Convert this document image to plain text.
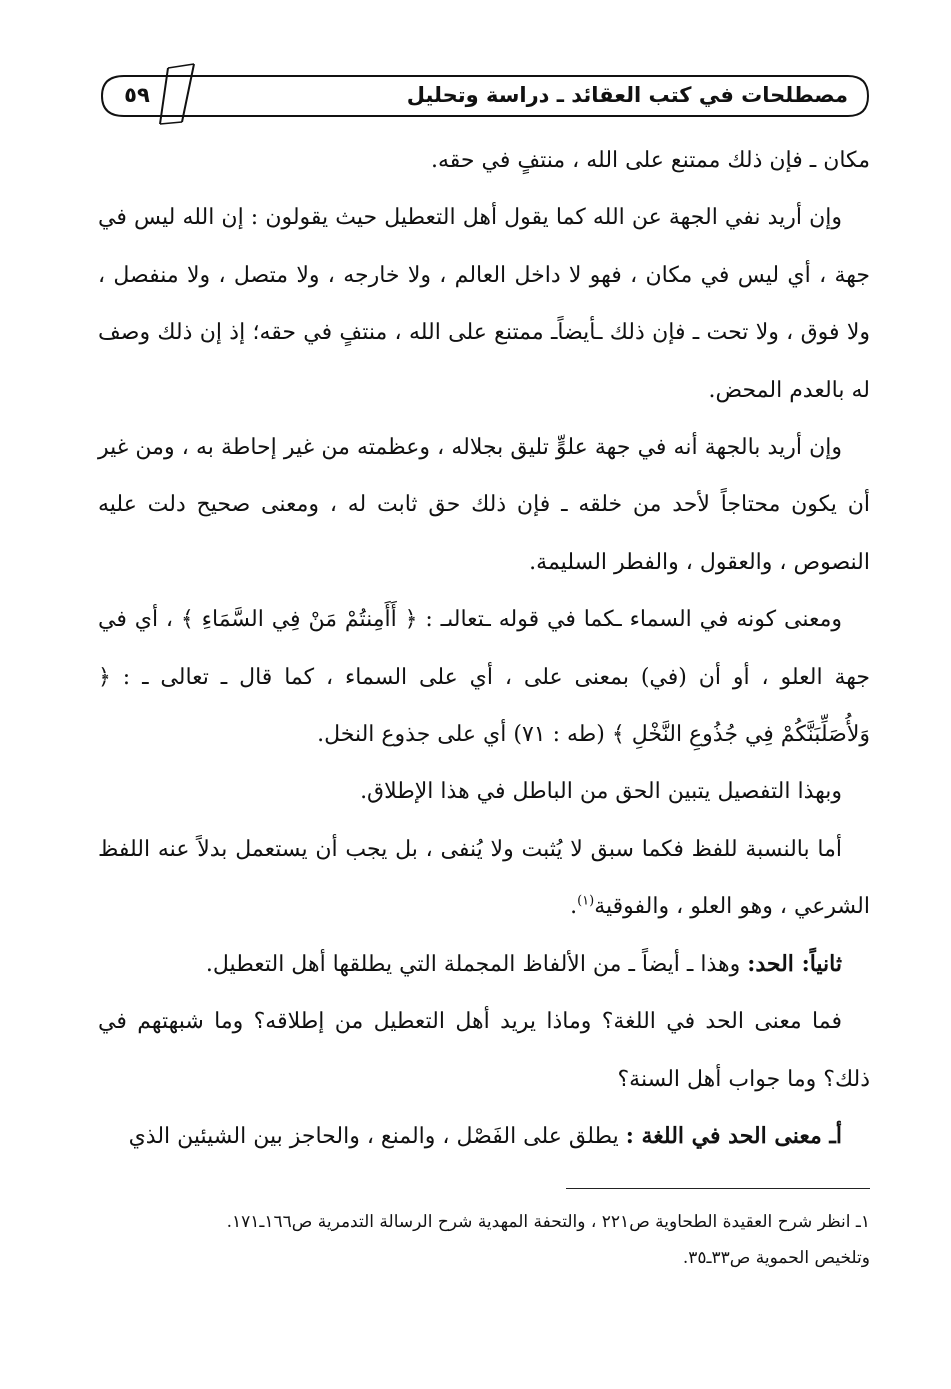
مصطلحات في كتب العقائد ـ دراسة وتحليل
٥٩

مكان ـ فإن ذلك ممتنع على الله ، منتفٍ في حقه.

وإن أريد نفي الجهة عن الله كما يقول أهل التعطيل حيث يقولون : إن الله ليس في جهة ، أي ليس في مكان ، فهو لا داخل العالم ، ولا خارجه ، ولا متصل ، ولا منفصل ، ولا فوق ، ولا تحت ـ فإن ذلك ـأيضاًـ ممتنع على الله ، منتفٍ في حقه؛ إذ إن ذلك وصف له بالعدم المحض.

وإن أريد بالجهة أنه في جهة علوٍّ تليق بجلاله ، وعظمته من غير إحاطة به ، ومن غير أن يكون محتاجاً لأحد من خلقه ـ فإن ذلك حق ثابت له ، ومعنى صحيح دلت عليه النصوص ، والعقول ، والفطر السليمة.

ومعنى كونه في السماء ـكما في قوله ـتعالىـ : ﴿ أَأَمِنتُمْ مَنْ فِي السَّمَاءِ ﴾ ، أي في جهة العلو ، أو أن (في) بمعنى على ، أي على السماء ، كما قال ـ تعالى ـ : ﴿ وَلأُصَلِّبَنَّكُمْ فِي جُذُوعِ النَّخْلِ ﴾ (طه : ٧١) أي على جذوع النخل.

وبهذا التفصيل يتبين الحق من الباطل في هذا الإطلاق.

أما بالنسبة للفظ فكما سبق لا يُثبت ولا يُنفى ، بل يجب أن يستعمل بدلاً عنه اللفظ الشرعي ، وهو العلو ، والفوقية$^{(١)}$.

ثانياً: الحد: وهذا ـ أيضاً ـ من الألفاظ المجملة التي يطلقها أهل التعطيل.

فما معنى الحد في اللغة؟ وماذا يريد أهل التعطيل من إطلاقه؟ وما شبهتهم في ذلك؟ وما جواب أهل السنة؟

أـ معنى الحد في اللغة : يطلق على الفَصْل ، والمنع ، والحاجز بين الشيئين الذي

١ـ انظر شرح العقيدة الطحاوية ص٢٢١ ، والتحفة المهدية شرح الرسالة التدمرية ص١٦٦ـ١٧١.

وتلخيص الحموية ص٣٣ـ٣٥.
